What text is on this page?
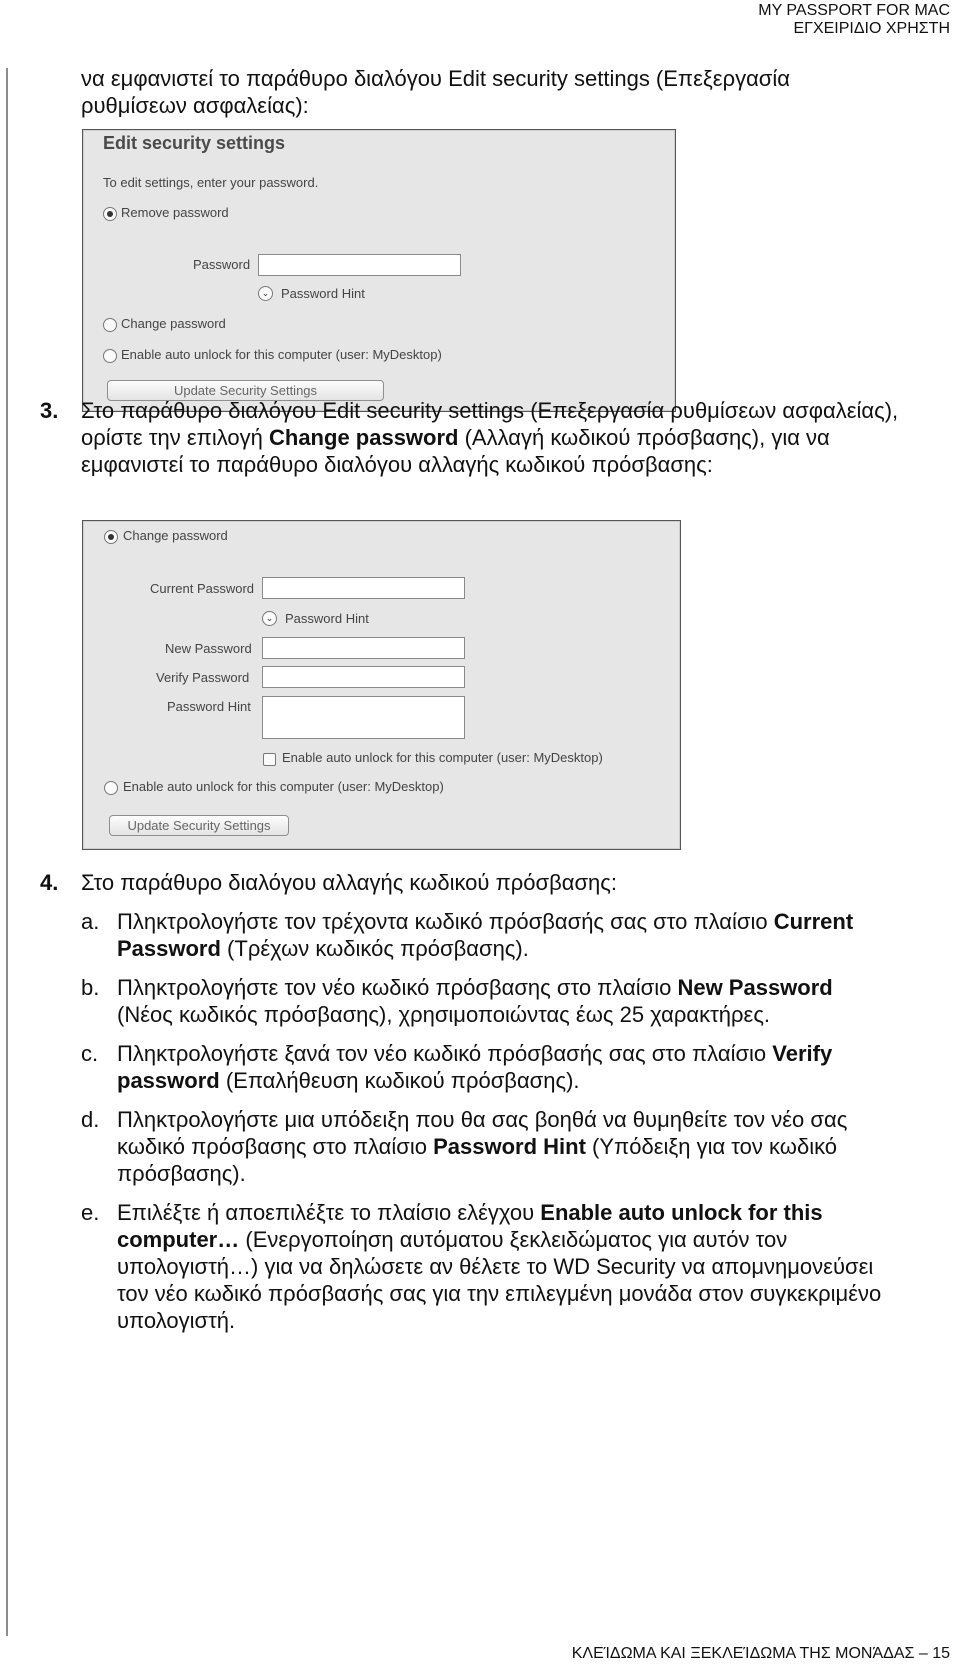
MY PASSPORT FOR MAC
ΕΓΧΕΙΡΙΔΙΟ ΧΡΗΣΤΗ
να εμφανιστεί το παράθυρο διαλόγου Edit security settings (Επεξεργασία
ρυθμίσεων ασφαλείας):
Edit security settings
To edit settings, enter your password.
Remove password
Password
⌄ Password Hint
Change password
Enable auto unlock for this computer (user: MyDesktop)
Update Security Settings
3. Στο παράθυρο διαλόγου Edit security settings (Επεξεργασία ρυθμίσεων ασφαλείας),
ορίστε την επιλογή Change password (Αλλαγή κωδικού πρόσβασης), για να
εμφανιστεί το παράθυρο διαλόγου αλλαγής κωδικού πρόσβασης:
Change password
Current Password
⌄ Password Hint
New Password
Verify Password
Password Hint
Enable auto unlock for this computer (user: MyDesktop)
Enable auto unlock for this computer (user: MyDesktop)
Update Security Settings
4. Στο παράθυρο διαλόγου αλλαγής κωδικού πρόσβασης:
a. Πληκτρολογήστε τον τρέχοντα κωδικό πρόσβασής σας στο πλαίσιο Current
Password (Τρέχων κωδικός πρόσβασης).
b. Πληκτρολογήστε τον νέο κωδικό πρόσβασης στο πλαίσιο New Password
(Νέος κωδικός πρόσβασης), χρησιμοποιώντας έως 25 χαρακτήρες.
c. Πληκτρολογήστε ξανά τον νέο κωδικό πρόσβασής σας στο πλαίσιο Verify
password (Επαλήθευση κωδικού πρόσβασης).
d. Πληκτρολογήστε μια υπόδειξη που θα σας βοηθά να θυμηθείτε τον νέο σας
κωδικό πρόσβασης στο πλαίσιο Password Hint (Υπόδειξη για τον κωδικό
πρόσβασης).
e. Επιλέξτε ή αποεπιλέξτε το πλαίσιο ελέγχου Enable auto unlock for this
computer… (Ενεργοποίηση αυτόματου ξεκλειδώματος για αυτόν τον
υπολογιστή…) για να δηλώσετε αν θέλετε το WD Security να απομνημονεύσει
τον νέο κωδικό πρόσβασής σας για την επιλεγμένη μονάδα στον συγκεκριμένο
υπολογιστή.
ΚΛΕΊΔΩΜΑ ΚΑΙ ΞΕΚΛΕΊΔΩΜΑ ΤΗΣ ΜΟΝΆΔΑΣ – 15
